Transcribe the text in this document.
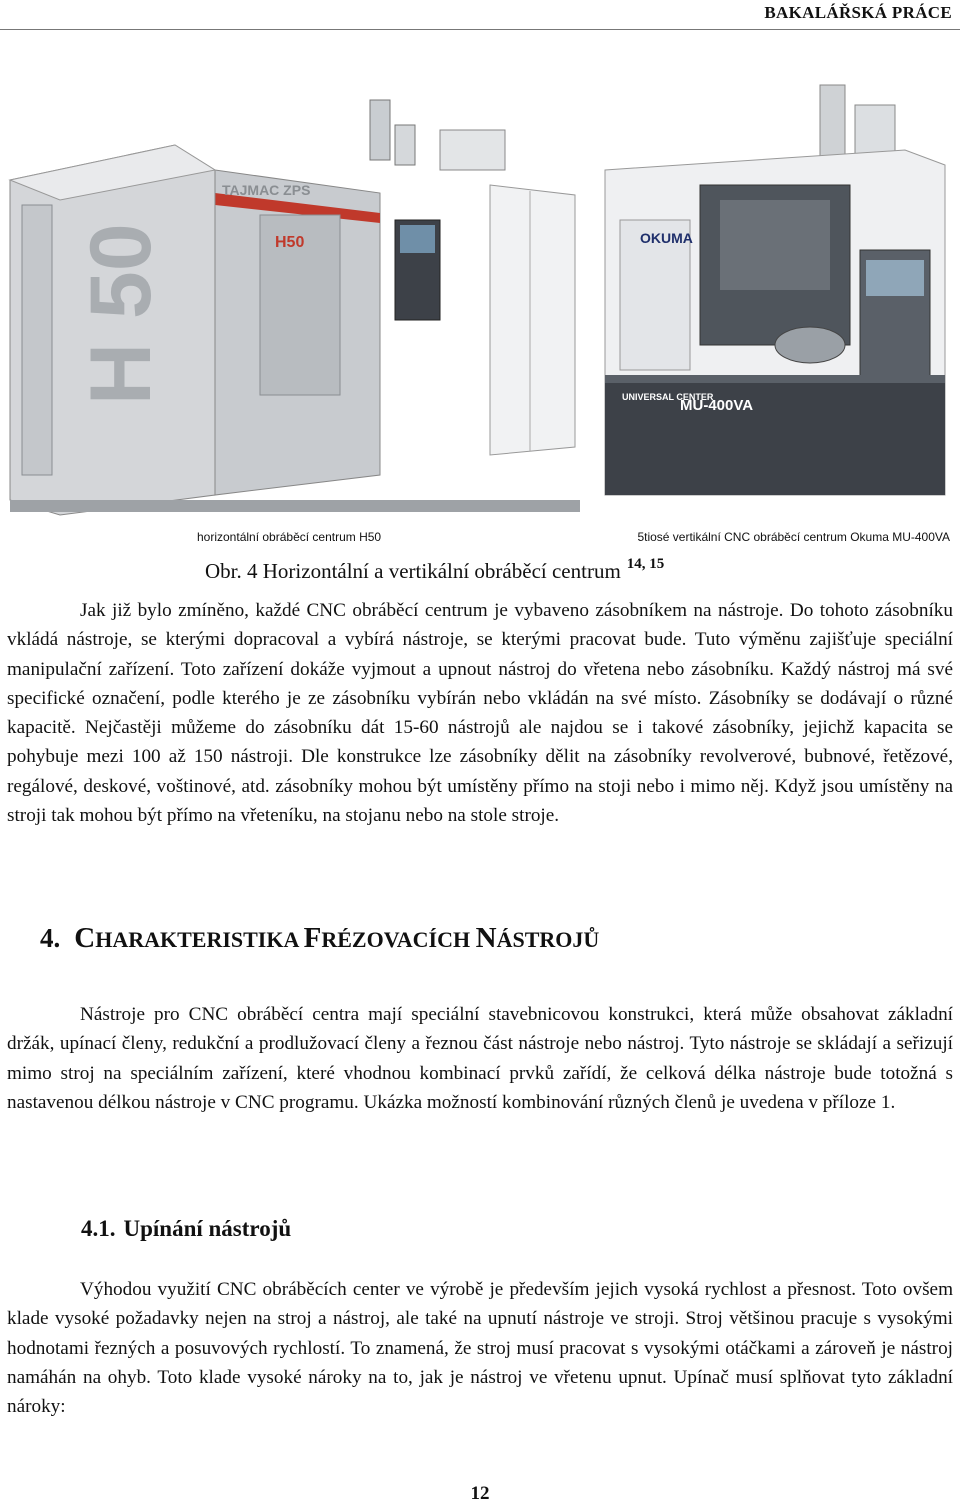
BAKALÁŘSKÁ PRÁCE
H 50
TAJMAC ZPS
H50	OKUMA
UNIVERSAL CENTER
MU-400VA
horizontální obráběcí centrum H50	5tiosé vertikální CNC obráběcí centrum Okuma MU-400VA
Obr. 4 Horizontální a vertikální obráběcí centrum $^{14, 15}$

Jak již bylo zmíněno, každé CNC obráběcí centrum je vybaveno zásobníkem na nástroje. Do tohoto zásobníku vkládá nástroje, se kterými dopracoval a vybírá nástroje, se kterými pracovat bude. Tuto výměnu zajišťuje speciální manipulační zařízení. Toto zařízení dokáže vyjmout a upnout nástroj do vřetena nebo zásobníku. Každý nástroj má své specifické označení, podle kterého je ze zásobníku vybírán nebo vkládán na své místo. Zásobníky se dodávají o různé kapacitě. Nejčastěji můžeme do zásobníku dát 15-60 nástrojů ale najdou se i takové zásobníky, jejichž kapacita se pohybuje mezi 100 až 150 nástroji. Dle konstrukce lze zásobníky dělit na zásobníky revolverové, bubnové, řetězové, regálové, deskové, voštinové, atd. zásobníky mohou být umístěny přímo na stoji nebo i mimo něj. Když jsou umístěny na stroji tak mohou být přímo na vřeteníku, na stojanu nebo na stole stroje.

4. CHARAKTERISTIKA FRÉZOVACÍCH NÁSTROJŮ

Nástroje pro CNC obráběcí centra mají speciální stavebnicovou konstrukci, která může obsahovat základní držák, upínací členy, redukční a prodlužovací členy a řeznou část nástroje nebo nástroj. Tyto nástroje se skládají a seřizují mimo stroj na speciálním zařízení, které vhodnou kombinací prvků zařídí, že celková délka nástroje bude totožná s nastavenou délkou nástroje v CNC programu. Ukázka možností kombinování různých členů je uvedena v příloze 1.

4.1. Upínání nástrojů

Výhodou využití CNC obráběcích center ve výrobě je především jejich vysoká rychlost a přesnost. Toto ovšem klade vysoké požadavky nejen na stroj a nástroj, ale také na upnutí nástroje ve stroji. Stroj většinou pracuje s vysokými hodnotami řezných a posuvových rychlostí. To znamená, že stroj musí pracovat s vysokými otáčkami a zároveň je nástroj namáhán na ohyb. Toto klade vysoké nároky na to, jak je nástroj ve vřetenu upnut. Upínač musí splňovat tyto základní nároky:

12
